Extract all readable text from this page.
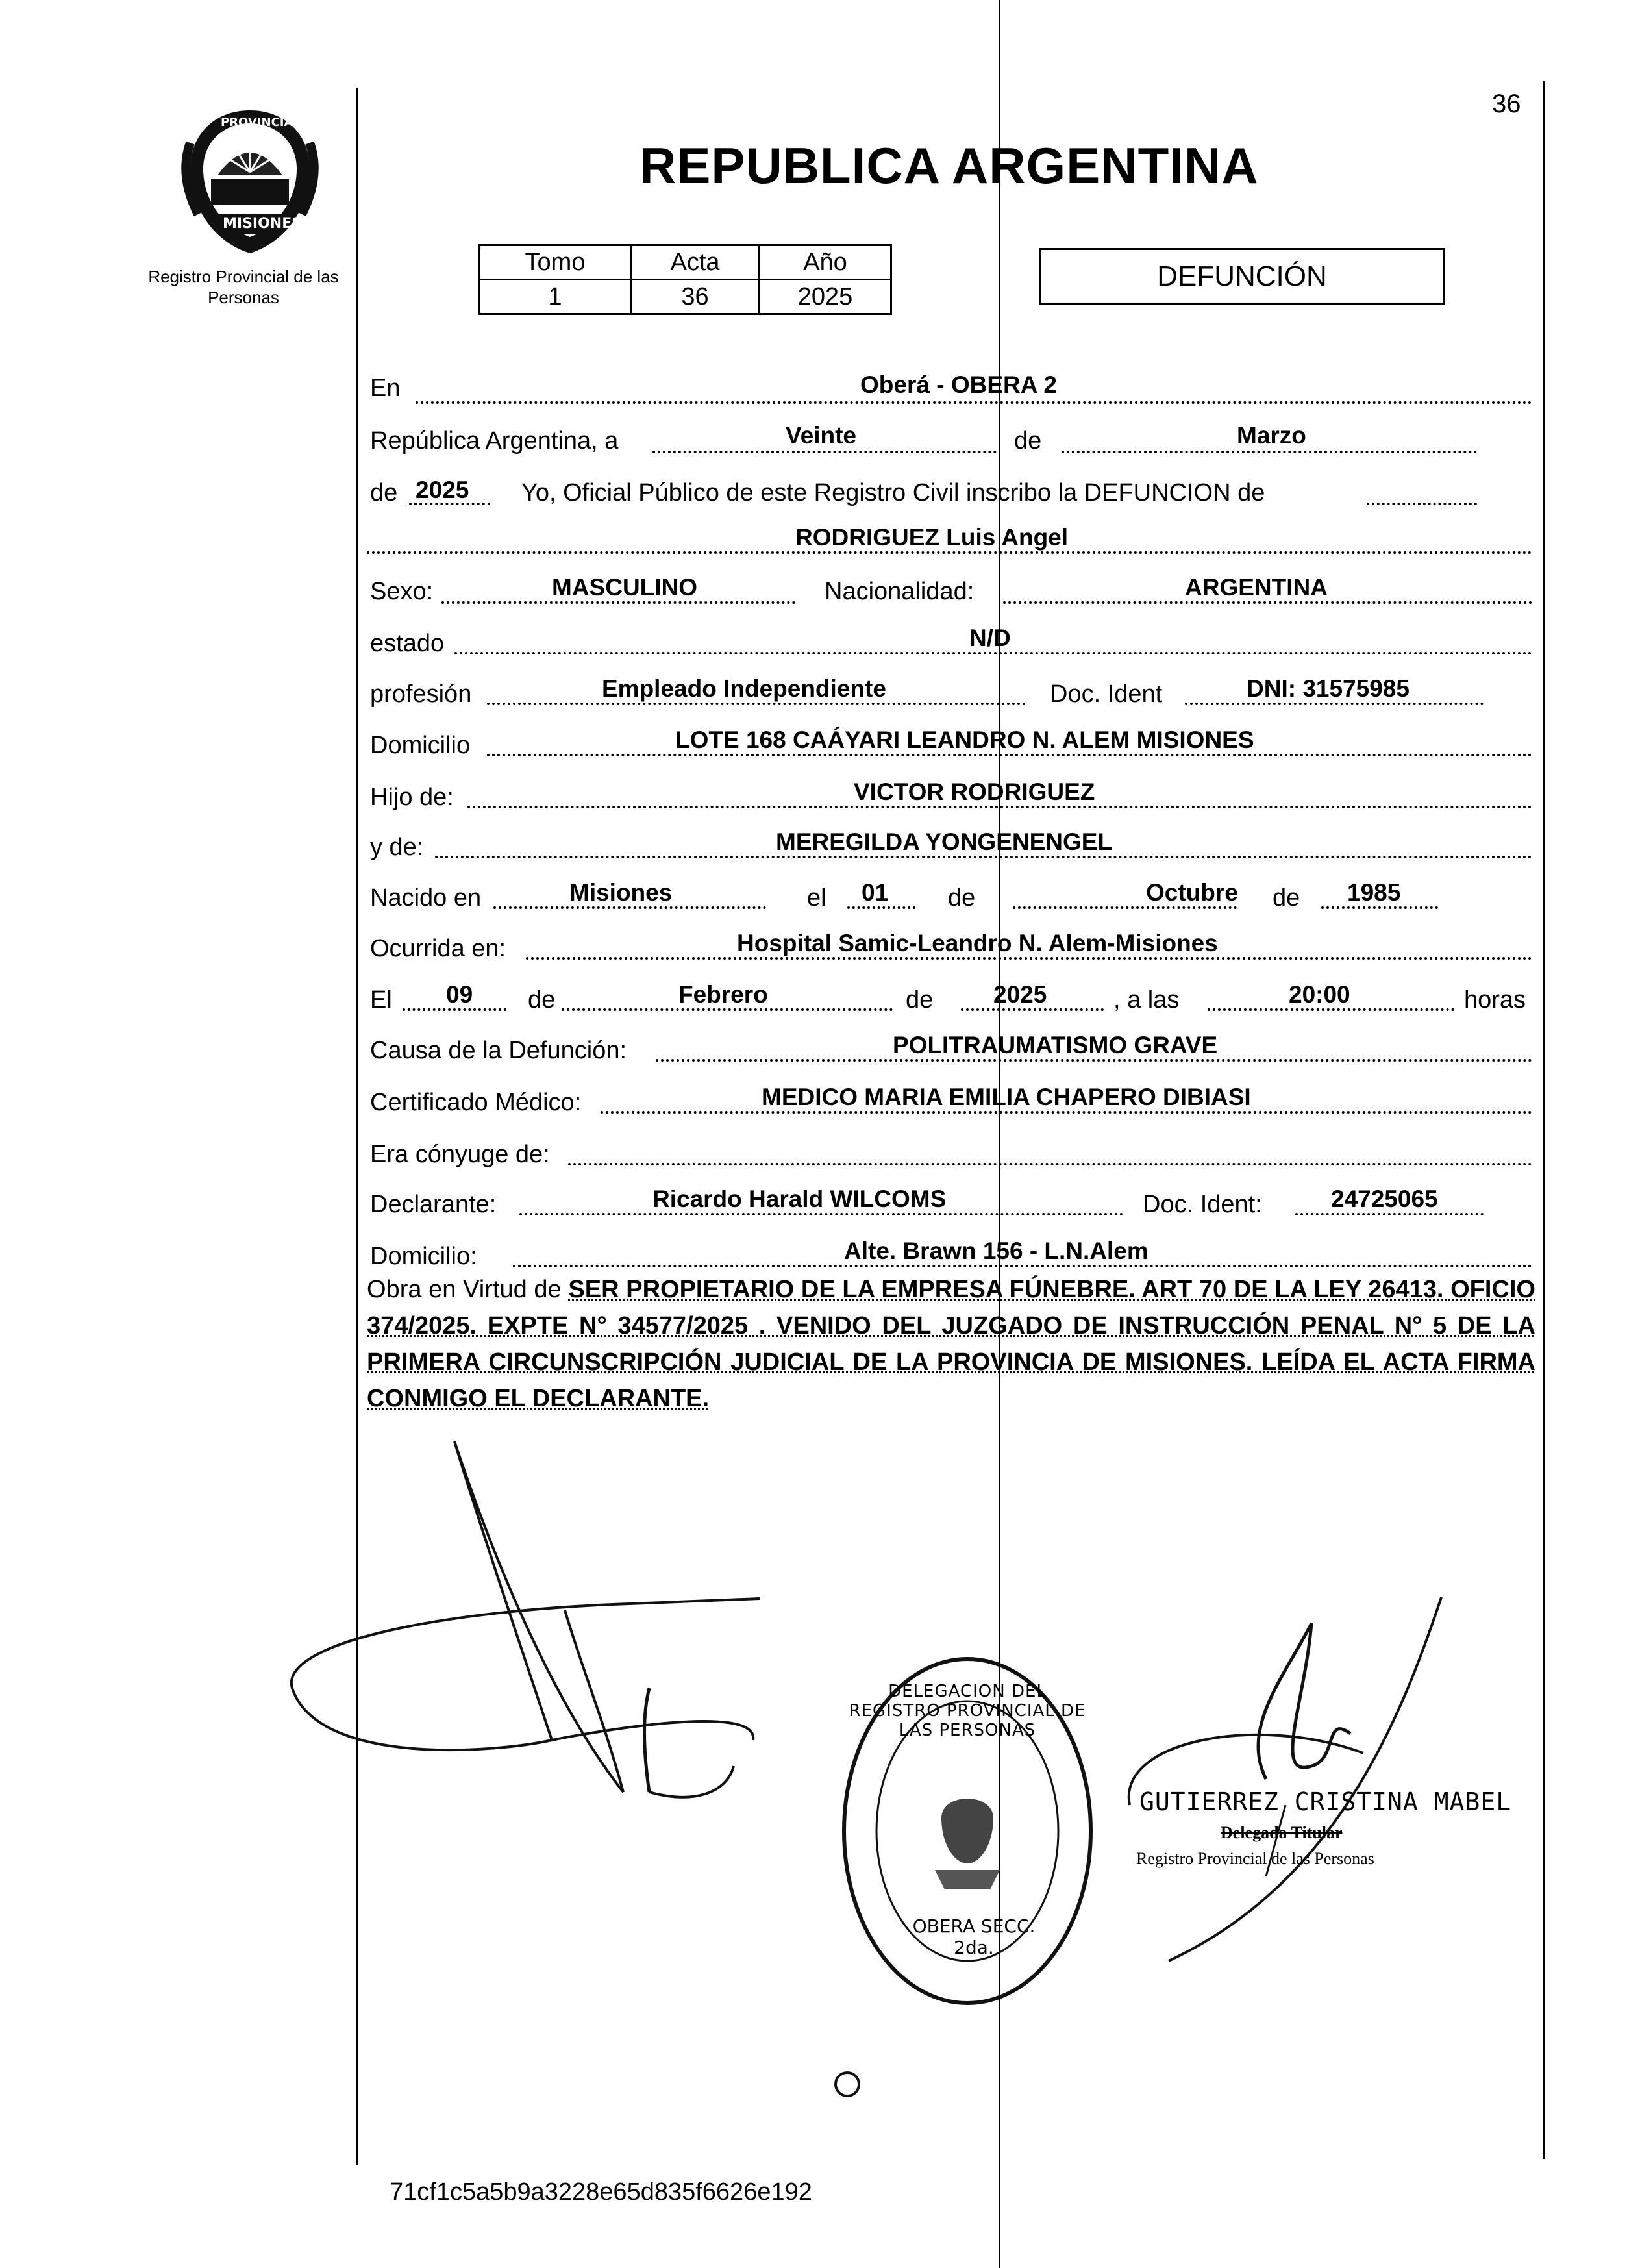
36
PROVINCIA DE
MISIONES
Registro Provincial de las Personas
REPUBLICA ARGENTINA
Tomo	Acta	Año
1	36	2025
DEFUNCIÓN
En	Oberá - OBERA 2
República Argentina, a	Veinte	de	Marzo
de 2025 Yo, Oficial Público de este Registro Civil inscribo la DEFUNCION de
RODRIGUEZ Luis Angel
Sexo:	MASCULINO	Nacionalidad:	ARGENTINA
estado	N/D
profesión	Empleado Independiente	Doc. Ident	DNI: 31575985
Domicilio	LOTE 168 CAÁYARI LEANDRO N. ALEM MISIONES
Hijo de:	VICTOR RODRIGUEZ
y de:	MEREGILDA YONGENENGEL
Nacido en	Misiones	el 01 de	Octubre de 1985
Ocurrida en:	Hospital Samic-Leandro N. Alem-Misiones
El 09 de	Febrero	de	2025	, a las	20:00	horas
Causa de la Defunción:	POLITRAUMATISMO GRAVE
Certificado Médico:	MEDICO MARIA EMILIA CHAPERO DIBIASI
Era cónyuge de:
Declarante:	Ricardo Harald WILCOMS	Doc. Ident:	24725065
Domicilio:	Alte. Brawn 156 - L.N.Alem
Obra en Virtud de SER PROPIETARIO DE LA EMPRESA FÚNEBRE. ART 70 DE LA LEY 26413. OFICIO 374/2025. EXPTE N° 34577/2025 . VENIDO DEL JUZGADO DE INSTRUCCIÓN PENAL N° 5 DE LA PRIMERA CIRCUNSCRIPCIÓN JUDICIAL DE LA PROVINCIA DE MISIONES. LEÍDA EL ACTA FIRMA CONMIGO EL DECLARANTE.
DELEGACION DEL REGISTRO PROVINCIAL DE LAS PERSONAS
OBERA SECC. 2da.
GUTIERREZ CRISTINA MABEL
Delegada Titular
Registro Provincial de las Personas
71cf1c5a5b9a3228e65d835f6626e192
